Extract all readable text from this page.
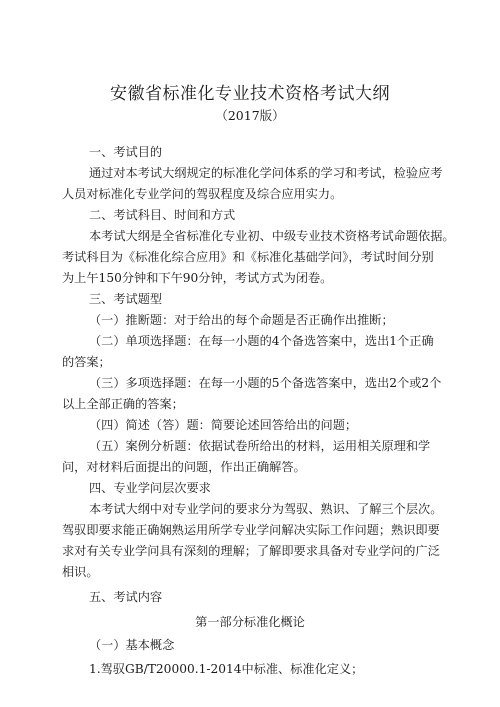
安徽省标准化专业技术资格考试大纲
（2017版）
一、考试目的
通过对本考试大纲规定的标准化学问体系的学习和考试，检验应考
人员对标准化专业学问的驾驭程度及综合应用实力。
二、考试科目、时间和方式
本考试大纲是全省标准化专业初、中级专业技术资格考试命题依据。
考试科目为《标准化综合应用》和《标准化基础学问》，考试时间分别
为上午150分钟和下午90分钟，考试方式为闭卷。
三、考试题型
（一）推断题：对于给出的每个命题是否正确作出推断；
（二）单项选择题：在每一小题的4个备选答案中，选出1个正确
的答案；
（三）多项选择题：在每一小题的5个备选答案中，选出2个或2个
以上全部正确的答案；
（四）简述（答）题：简要论述回答给出的问题；
（五）案例分析题：依据试卷所给出的材料，运用相关原理和学
问，对材料后面提出的问题，作出正确解答。
四、专业学问层次要求
本考试大纲中对专业学问的要求分为驾驭、熟识、了解三个层次。
驾驭即要求能正确娴熟运用所学专业学问解决实际工作问题；熟识即要
求对有关专业学问具有深刻的理解；了解即要求具备对专业学问的广泛
相识。
五、考试内容
第一部分标准化概论
（一）基本概念
1.驾驭GB/T20000.1-2014中标准、标准化定义；
